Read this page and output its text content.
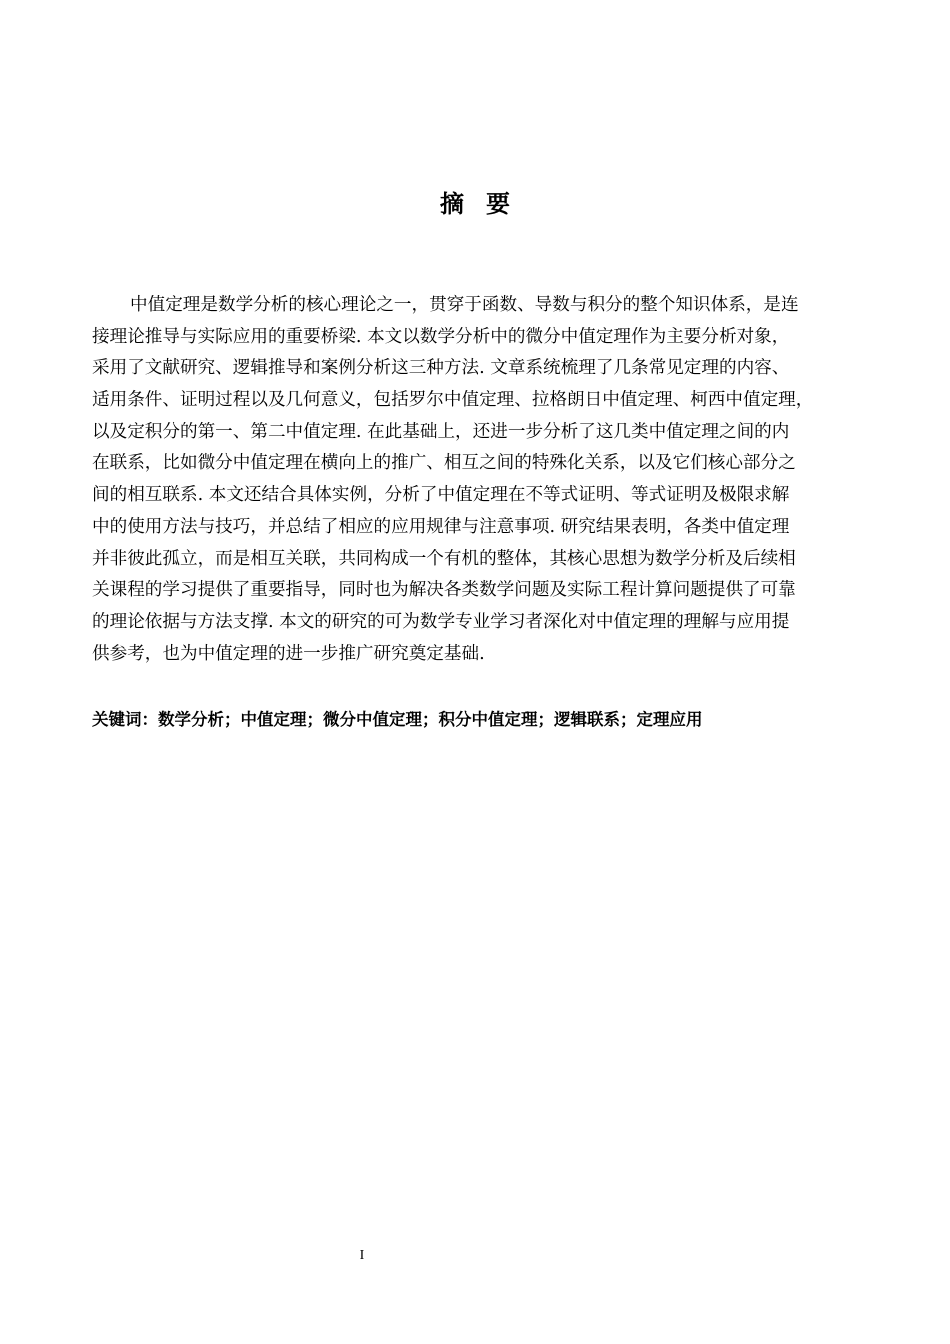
摘 要
中值定理是数学分析的核心理论之一，贯穿于函数、导数与积分的整个知识体系，是连
接理论推导与实际应用的重要桥梁. 本文以数学分析中的微分中值定理作为主要分析对象，
采用了文献研究、逻辑推导和案例分析这三种方法. 文章系统梳理了几条常见定理的内容、
适用条件、证明过程以及几何意义，包括罗尔中值定理、拉格朗日中值定理、柯西中值定理，
以及定积分的第一、第二中值定理. 在此基础上，还进一步分析了这几类中值定理之间的内
在联系，比如微分中值定理在横向上的推广、相互之间的特殊化关系，以及它们核心部分之
间的相互联系. 本文还结合具体实例，分析了中值定理在不等式证明、等式证明及极限求解
中的使用方法与技巧，并总结了相应的应用规律与注意事项. 研究结果表明，各类中值定理
并非彼此孤立，而是相互关联，共同构成一个有机的整体，其核心思想为数学分析及后续相
关课程的学习提供了重要指导，同时也为解决各类数学问题及实际工程计算问题提供了可靠
的理论依据与方法支撑. 本文的研究的可为数学专业学习者深化对中值定理的理解与应用提
供参考，也为中值定理的进一步推广研究奠定基础.
关键词：数学分析；中值定理；微分中值定理；积分中值定理；逻辑联系；定理应用
I
